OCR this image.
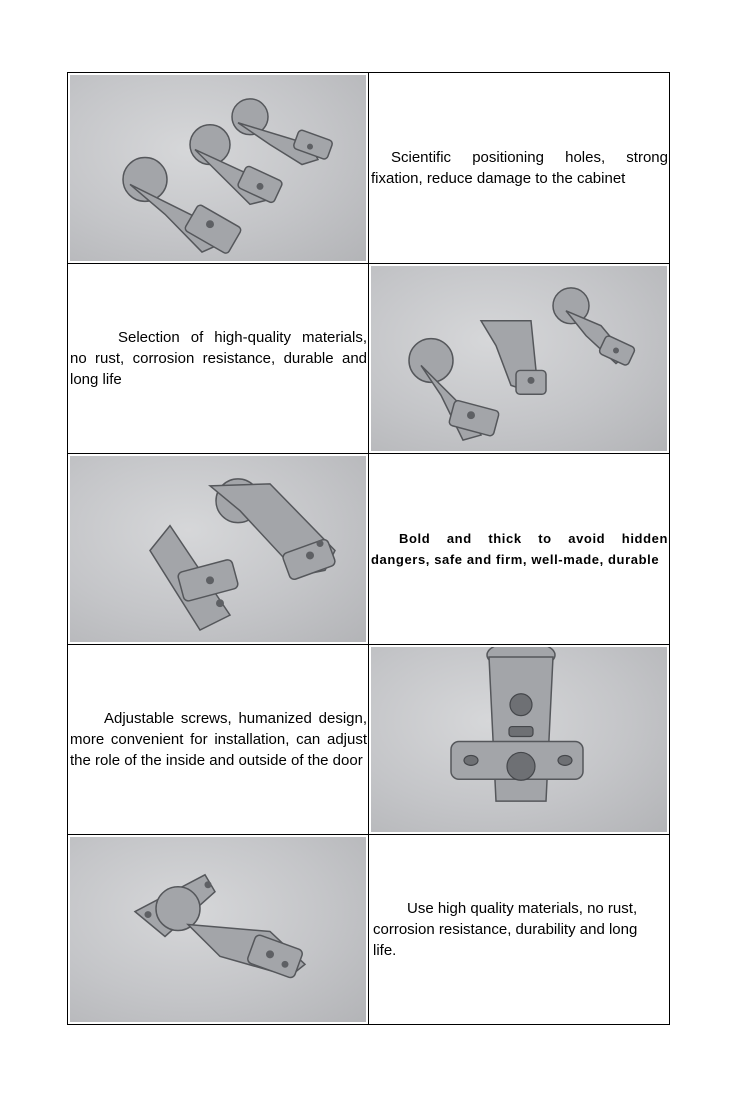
Scientific positioning holes, strong fixation, reduce damage to the cabinet

Selection of high-quality materials, no rust, corrosion resistance, durable and long life

Bold and thick to avoid hidden dangers, safe and firm, well-made, durable

Adjustable screws, humanized design, more convenient for installation, can adjust the role of the inside and outside of the door

Use high quality materials, no rust, corrosion resistance, durability and long life.
